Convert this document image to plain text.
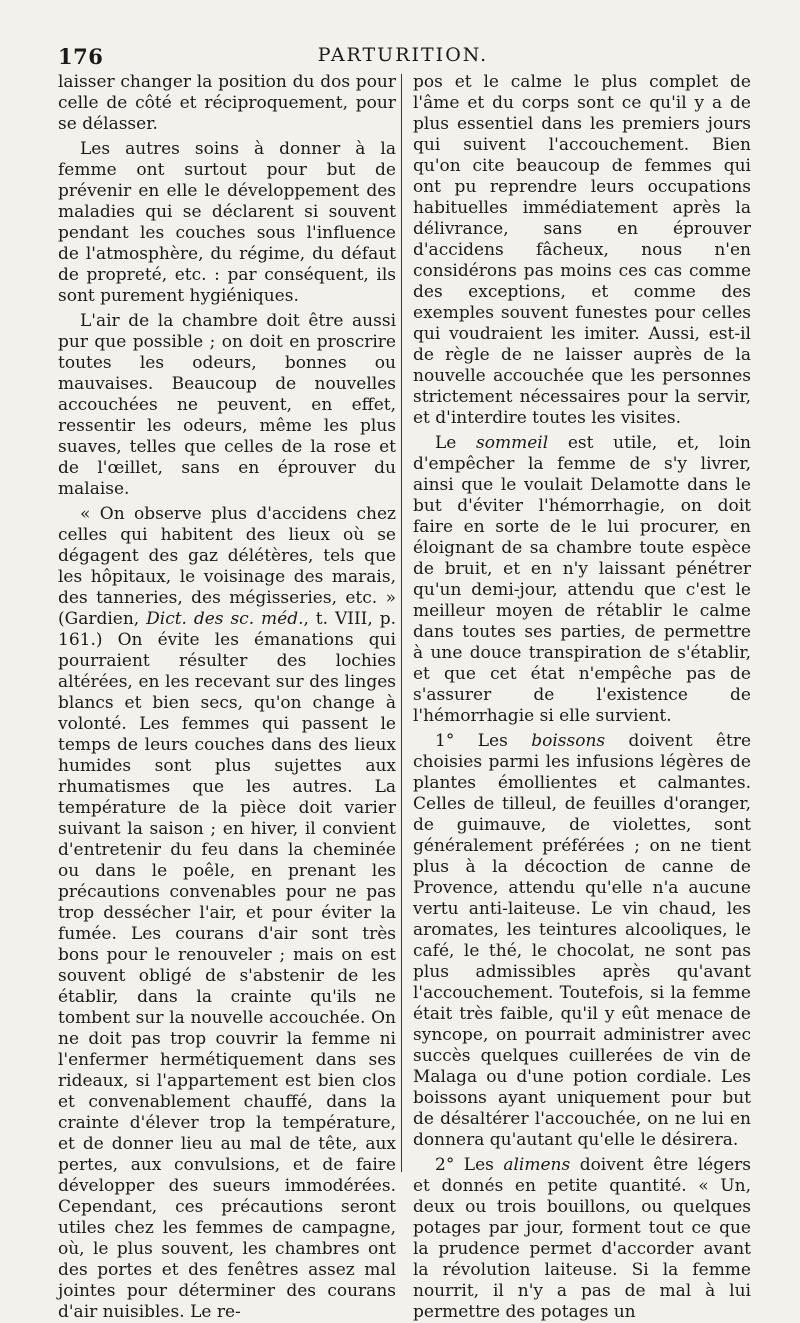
176	PARTURITION.

laisser changer la position du dos pour celle de côté et réciproquement, pour se délasser.

Les autres soins à donner à la femme ont surtout pour but de prévenir en elle le développement des maladies qui se déclarent si souvent pendant les couches sous l'influence de l'atmosphère, du régime, du défaut de propreté, etc. : par conséquent, ils sont purement hygiéniques.

L'air de la chambre doit être aussi pur que possible ; on doit en proscrire toutes les odeurs, bonnes ou mauvaises. Beaucoup de nouvelles accouchées ne peuvent, en effet, ressentir les odeurs, même les plus suaves, telles que celles de la rose et de l'œillet, sans en éprouver du malaise.

« On observe plus d'accidens chez celles qui habitent des lieux où se dégagent des gaz délétères, tels que les hôpitaux, le voisinage des marais, des tanneries, des mégisseries, etc. » (Gardien, Dict. des sc. méd., t. VIII, p. 161.) On évite les émanations qui pourraient résulter des lochies altérées, en les recevant sur des linges blancs et bien secs, qu'on change à volonté. Les femmes qui passent le temps de leurs couches dans des lieux humides sont plus sujettes aux rhumatismes que les autres. La température de la pièce doit varier suivant la saison ; en hiver, il convient d'entretenir du feu dans la cheminée ou dans le poêle, en prenant les précautions convenables pour ne pas trop dessécher l'air, et pour éviter la fumée. Les courans d'air sont très bons pour le renouveler ; mais on est souvent obligé de s'abstenir de les établir, dans la crainte qu'ils ne tombent sur la nouvelle accouchée. On ne doit pas trop couvrir la femme ni l'enfermer hermétiquement dans ses rideaux, si l'appartement est bien clos et convenablement chauffé, dans la crainte d'élever trop la température, et de donner lieu au mal de tête, aux pertes, aux convulsions, et de faire développer des sueurs immodérées. Cependant, ces précautions seront utiles chez les femmes de campagne, où, le plus souvent, les chambres ont des portes et des fenêtres assez mal jointes pour déterminer des courans d'air nuisibles. Le re-

pos et le calme le plus complet de l'âme et du corps sont ce qu'il y a de plus essentiel dans les premiers jours qui suivent l'accouchement. Bien qu'on cite beaucoup de femmes qui ont pu reprendre leurs occupations habituelles immédiatement après la délivrance, sans en éprouver d'accidens fâcheux, nous n'en considérons pas moins ces cas comme des exceptions, et comme des exemples souvent funestes pour celles qui voudraient les imiter. Aussi, est-il de règle de ne laisser auprès de la nouvelle accouchée que les personnes strictement nécessaires pour la servir, et d'interdire toutes les visites.

Le sommeil est utile, et, loin d'empêcher la femme de s'y livrer, ainsi que le voulait Delamotte dans le but d'éviter l'hémorrhagie, on doit faire en sorte de le lui procurer, en éloignant de sa chambre toute espèce de bruit, et en n'y laissant pénétrer qu'un demi-jour, attendu que c'est le meilleur moyen de rétablir le calme dans toutes ses parties, de permettre à une douce transpiration de s'établir, et que cet état n'empêche pas de s'assurer de l'existence de l'hémorrhagie si elle survient.

1° Les boissons doivent être choisies parmi les infusions légères de plantes émollientes et calmantes. Celles de tilleul, de feuilles d'oranger, de guimauve, de violettes, sont généralement préférées ; on ne tient plus à la décoction de canne de Provence, attendu qu'elle n'a aucune vertu anti-laiteuse. Le vin chaud, les aromates, les teintures alcooliques, le café, le thé, le chocolat, ne sont pas plus admissibles après qu'avant l'accouchement. Toutefois, si la femme était très faible, qu'il y eût menace de syncope, on pourrait administrer avec succès quelques cuillerées de vin de Malaga ou d'une potion cordiale. Les boissons ayant uniquement pour but de désaltérer l'accouchée, on ne lui en donnera qu'autant qu'elle le désirera.

2° Les alimens doivent être légers et donnés en petite quantité. « Un, deux ou trois bouillons, ou quelques potages par jour, forment tout ce que la prudence permet d'accorder avant la révolution laiteuse. Si la femme nourrit, il n'y a pas de mal à lui permettre des potages un
